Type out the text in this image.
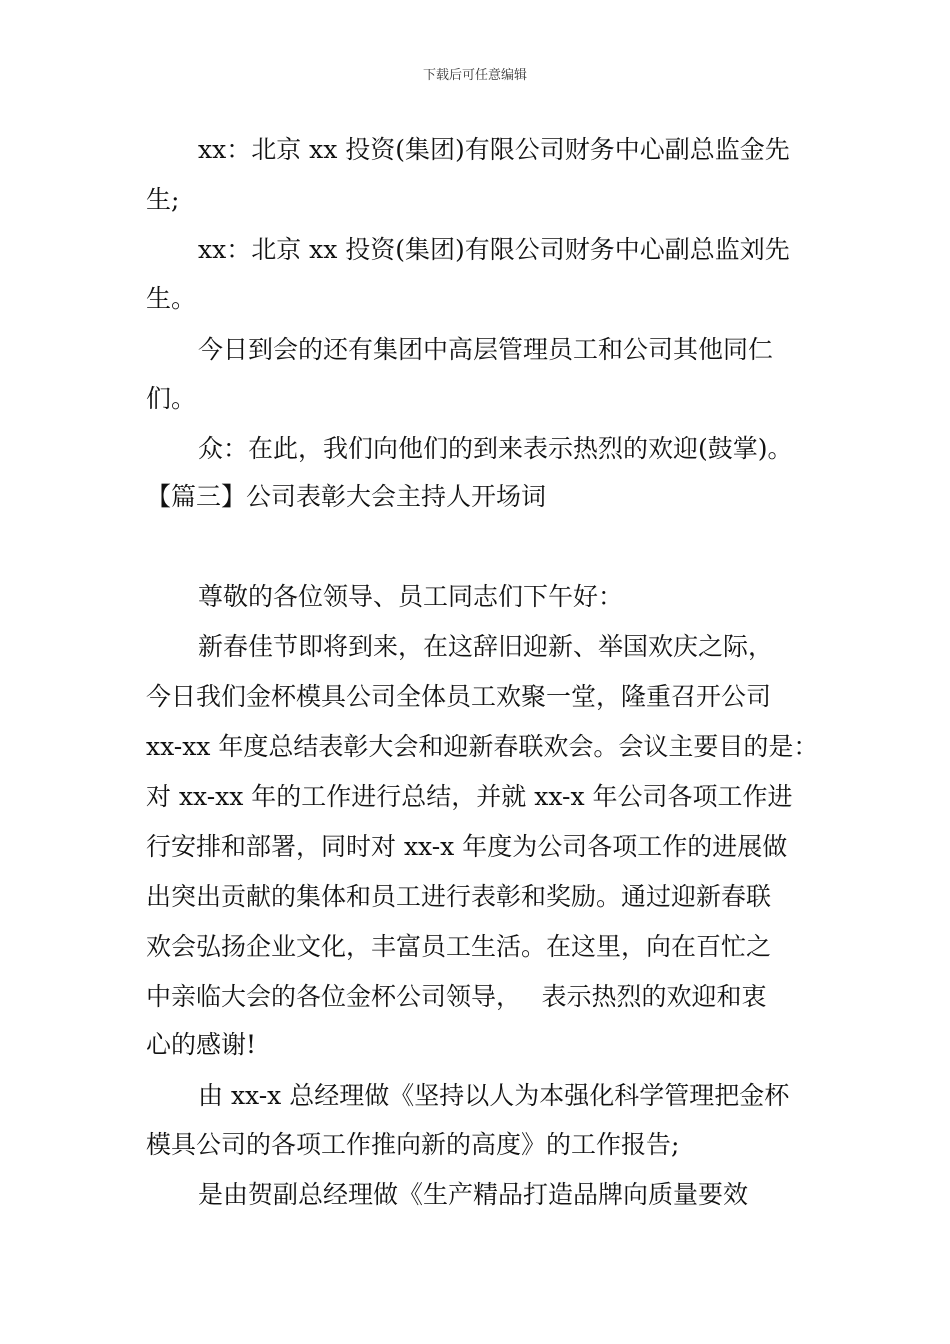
下载后可任意编辑
xx：北京 xx 投资(集团)有限公司财务中心副总监金先
生;
xx：北京 xx 投资(集团)有限公司财务中心副总监刘先
生。
今日到会的还有集团中高层管理员工和公司其他同仁
们。
众：在此，我们向他们的到来表示热烈的欢迎(鼓掌)。
【篇三】公司表彰大会主持人开场词
尊敬的各位领导、员工同志们下午好：
新春佳节即将到来，在这辞旧迎新、举国欢庆之际，
今日我们金杯模具公司全体员工欢聚一堂，隆重召开公司
xx-xx 年度总结表彰大会和迎新春联欢会。会议主要目的是：
对 xx-xx 年的工作进行总结，并就 xx-x 年公司各项工作进
行安排和部署，同时对 xx-x 年度为公司各项工作的进展做
出突出贡献的集体和员工进行表彰和奖励。通过迎新春联
欢会弘扬企业文化，丰富员工生活。在这里，向在百忙之
中亲临大会的各位金杯公司领导，　 表示热烈的欢迎和衷
心的感谢!
由 xx-x 总经理做《坚持以人为本强化科学管理把金杯
模具公司的各项工作推向新的高度》的工作报告;
是由贺副总经理做《生产精品打造品牌向质量要效
